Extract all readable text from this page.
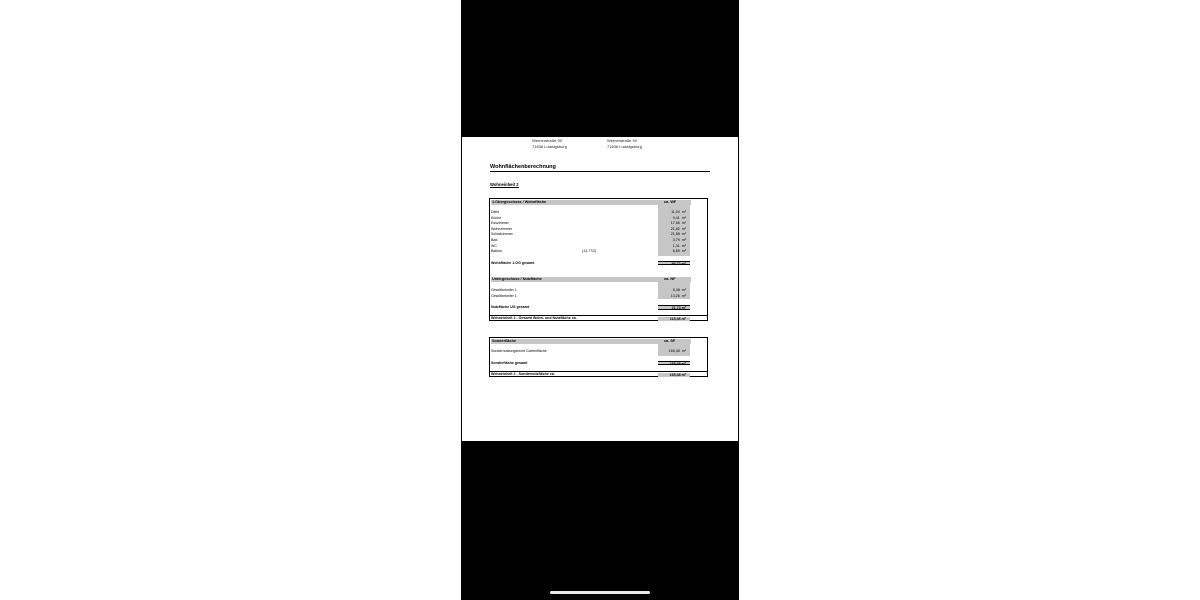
Wernerstraße 90
71636 Ludwigsburg
Wernerstraße 90
71636 Ludwigsburg
Wohnflächenberechnung
Wohneinheit 2
1.Obergeschoss / Wohnfläche	ca. WF
Diele	11,04 m²
Küche	9,41 m²
Esszimmer	17,56 m²
Wohnzimmer	21,82 m²
Schlafzimmer	21,88 m²
Bad	3,79 m²
WC	1,31 m²
Balkon	(13,77/2)	6,89 m²
Wohnfläche 1.OG gesamt	93,72 m²
Untergeschoss / Nutzfläche	ca. NF
Gewölbekeller 1	8,48 m²
Gewölbekeller 1	13,26 m²
Nutzfläche UG gesamt	21,74 m²
Wohneinheit 2 - Gesamt Wohn- und Nutzfläche ca.	115,46 m²
Sonderfläche	ca. SF
Sondernutzungsrecht Gartenfläche	165,48 m²
Sonderfläche gesamt	165,48 m²
Wohneinheit 2 - Sondernutzfläche ca.	165,48 m²
